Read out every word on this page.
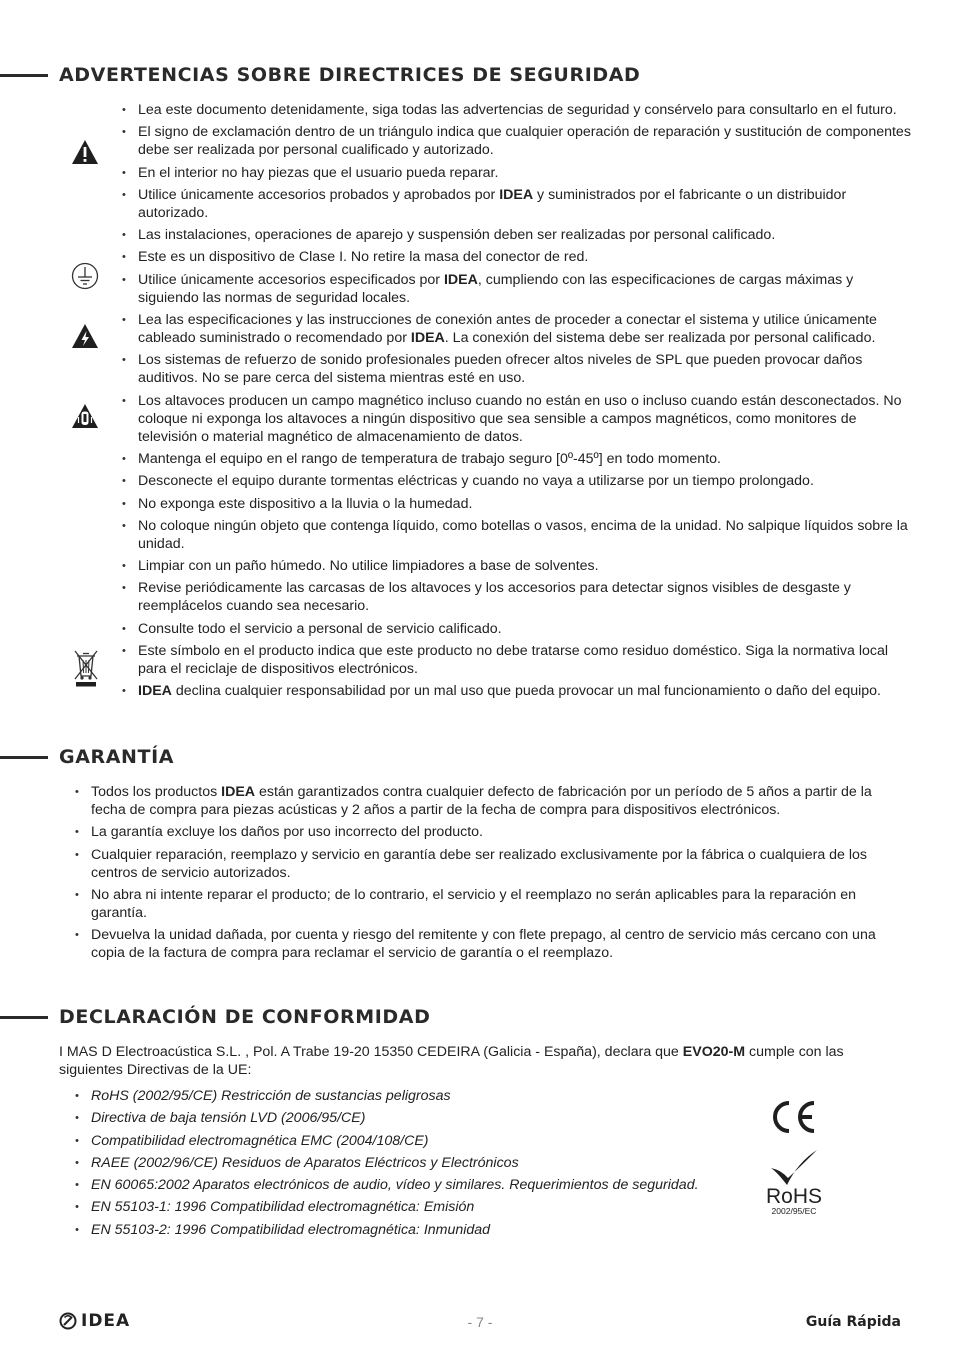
ADVERTENCIAS SOBRE DIRECTRICES DE SEGURIDAD
• Lea este documento detenidamente, siga todas las advertencias de seguridad y consérvelo para consultarlo en el futuro.
• El signo de exclamación dentro de un triángulo indica que cualquier operación de reparación y sustitución de componentes debe ser realizada por personal cualificado y autorizado.
• En el interior no hay piezas que el usuario pueda reparar.
• Utilice únicamente accesorios probados y aprobados por IDEA y suministrados por el fabricante o un distribuidor autorizado.
• Las instalaciones, operaciones de aparejo y suspensión deben ser realizadas por personal calificado.
• Este es un dispositivo de Clase I. No retire la masa del conector de red.
• Utilice únicamente accesorios especificados por IDEA, cumpliendo con las especificaciones de cargas máximas y siguiendo las normas de seguridad locales.
• Lea las especificaciones y las instrucciones de conexión antes de proceder a conectar el sistema y utilice únicamente cableado suministrado o recomendado por IDEA. La conexión del sistema debe ser realizada por personal calificado.
• Los sistemas de refuerzo de sonido profesionales pueden ofrecer altos niveles de SPL que pueden provocar daños auditivos. No se pare cerca del sistema mientras esté en uso.
• Los altavoces producen un campo magnético incluso cuando no están en uso o incluso cuando están desconectados. No coloque ni exponga los altavoces a ningún dispositivo que sea sensible a campos magnéticos, como monitores de televisión o material magnético de almacenamiento de datos.
• Mantenga el equipo en el rango de temperatura de trabajo seguro [0º-45º] en todo momento.
• Desconecte el equipo durante tormentas eléctricas y cuando no vaya a utilizarse por un tiempo prolongado.
• No exponga este dispositivo a la lluvia o la humedad.
• No coloque ningún objeto que contenga líquido, como botellas o vasos, encima de la unidad. No salpique líquidos sobre la unidad.
• Limpiar con un paño húmedo. No utilice limpiadores a base de solventes.
• Revise periódicamente las carcasas de los altavoces y los accesorios para detectar signos visibles de desgaste y reemplácelos cuando sea necesario.
• Consulte todo el servicio a personal de servicio calificado.
• Este símbolo en el producto indica que este producto no debe tratarse como residuo doméstico. Siga la normativa local para el reciclaje de dispositivos electrónicos.
• IDEA declina cualquier responsabilidad por un mal uso que pueda provocar un mal funcionamiento o daño del equipo.
GARANTÍA
• Todos los productos IDEA están garantizados contra cualquier defecto de fabricación por un período de 5 años a partir de la fecha de compra para piezas acústicas y 2 años a partir de la fecha de compra para dispositivos electrónicos.
• La garantía excluye los daños por uso incorrecto del producto.
• Cualquier reparación, reemplazo y servicio en garantía debe ser realizado exclusivamente por la fábrica o cualquiera de los centros de servicio autorizados.
• No abra ni intente reparar el producto; de lo contrario, el servicio y el reemplazo no serán aplicables para la reparación en garantía.
• Devuelva la unidad dañada, por cuenta y riesgo del remitente y con flete prepago, al centro de servicio más cercano con una copia de la factura de compra para reclamar el servicio de garantía o el reemplazo.
DECLARACIÓN DE CONFORMIDAD

I MAS D Electroacústica S.L. , Pol. A Trabe 19-20 15350 CEDEIRA (Galicia - España), declara que EVO20-M cumple con las siguientes Directivas de la UE:

• RoHS (2002/95/CE) Restricción de sustancias peligrosas
• Directiva de baja tensión LVD (2006/95/CE)
• Compatibilidad electromagnética EMC (2004/108/CE)
• RAEE (2002/96/CE) Residuos de Aparatos Eléctricos y Electrónicos
• EN 60065:2002 Aparatos electrónicos de audio, vídeo y similares. Requerimientos de seguridad.
• EN 55103-1: 1996 Compatibilidad electromagnética: Emisión
• EN 55103-2: 1996 Compatibilidad electromagnética: Inmunidad
RoHS
2002/95/EC
IDEA	- 7 -	Guía Rápida
